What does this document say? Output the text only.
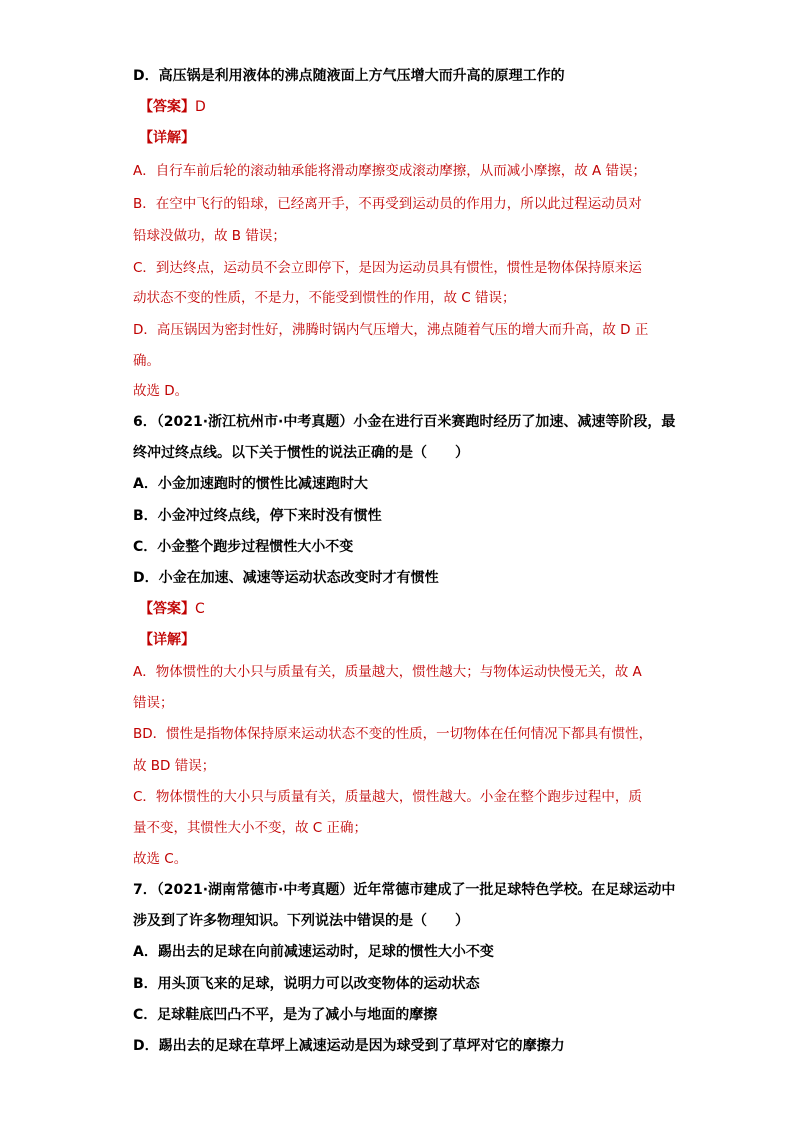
D．高压锅是利用液体的沸点随液面上方气压增大而升高的原理工作的
【答案】D
【详解】
A．自行车前后轮的滚动轴承能将滑动摩擦变成滚动摩擦，从而减小摩擦，故 A 错误；
B．在空中飞行的铅球，已经离开手，不再受到运动员的作用力，所以此过程运动员对
铅球没做功，故 B 错误；
C．到达终点，运动员不会立即停下，是因为运动员具有惯性，惯性是物体保持原来运
动状态不变的性质，不是力，不能受到惯性的作用，故 C 错误；
D．高压锅因为密封性好，沸腾时锅内气压增大，沸点随着气压的增大而升高，故 D 正
确。
故选 D。
6．（2021·浙江杭州市·中考真题）小金在进行百米赛跑时经历了加速、减速等阶段，最
终冲过终点线。以下关于惯性的说法正确的是（　　）
A．小金加速跑时的惯性比减速跑时大
B．小金冲过终点线，停下来时没有惯性
C．小金整个跑步过程惯性大小不变
D．小金在加速、减速等运动状态改变时才有惯性
【答案】C
【详解】
A．物体惯性的大小只与质量有关，质量越大，惯性越大；与物体运动快慢无关，故 A
错误；
BD．惯性是指物体保持原来运动状态不变的性质，一切物体在任何情况下都具有惯性，
故 BD 错误；
C．物体惯性的大小只与质量有关，质量越大，惯性越大。小金在整个跑步过程中，质
量不变，其惯性大小不变，故 C 正确；
故选 C。
7．（2021·湖南常德市·中考真题）近年常德市建成了一批足球特色学校。在足球运动中
涉及到了许多物理知识。下列说法中错误的是（　　）
A．踢出去的足球在向前减速运动时，足球的惯性大小不变
B．用头顶飞来的足球，说明力可以改变物体的运动状态
C．足球鞋底凹凸不平，是为了减小与地面的摩擦
D．踢出去的足球在草坪上减速运动是因为球受到了草坪对它的摩擦力
